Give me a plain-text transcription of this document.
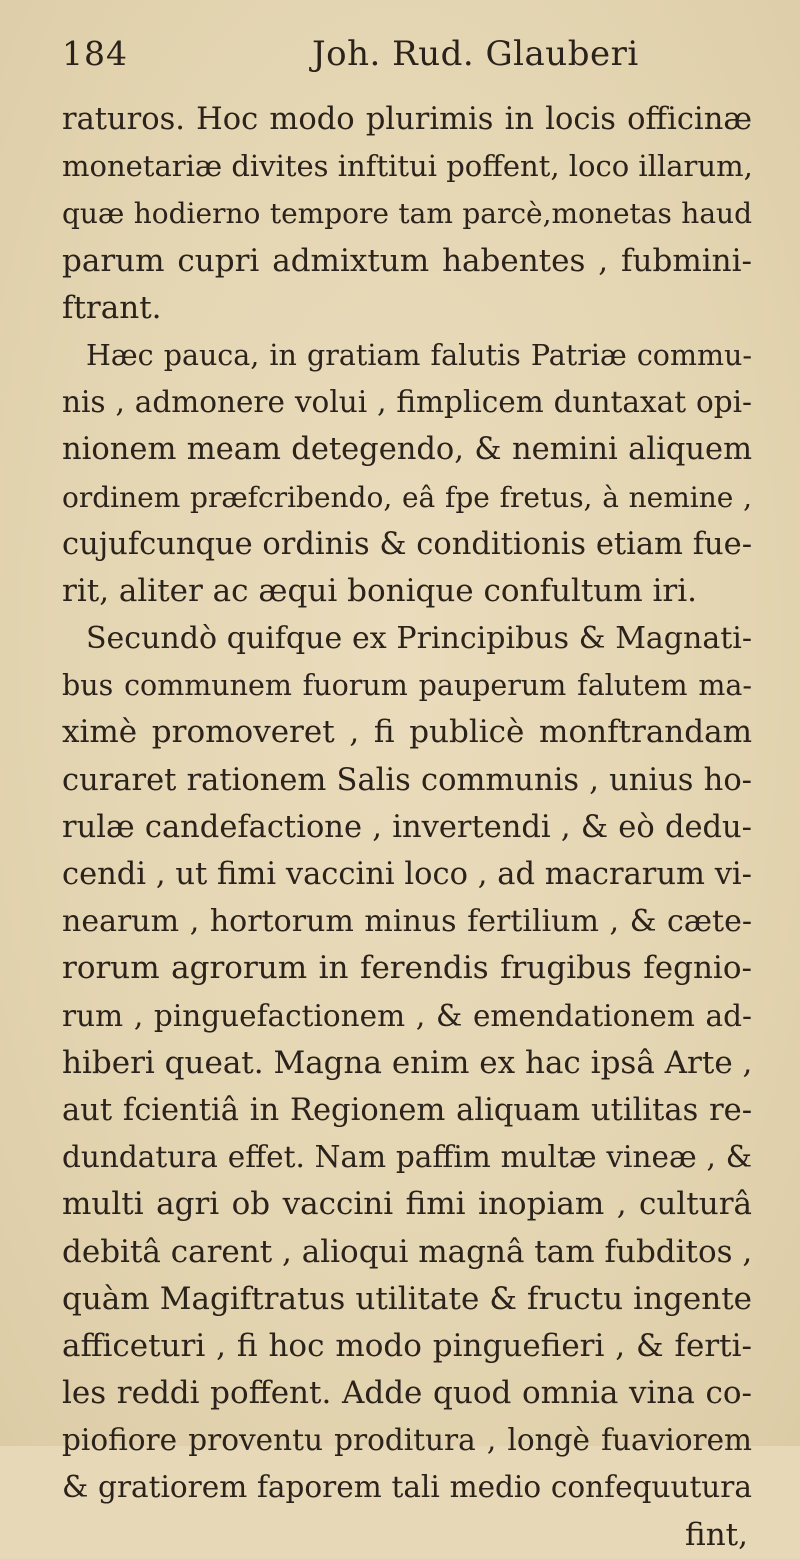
184	Joh. Rud. Glauberi
raturos. Hoc modo plurimis in locis officinæ
monetariæ divites inftitui poffent, loco illarum,
quæ hodierno tempore tam parcè,monetas haud
parum cupri admixtum habentes , fubmini-
ftrant.
Hæc pauca, in gratiam falutis Patriæ commu-
nis , admonere volui , fimplicem duntaxat opi-
nionem meam detegendo, & nemini aliquem
ordinem præfcribendo, eâ fpe fretus, à nemine ,
cujufcunque ordinis & conditionis etiam fue-
rit, aliter ac æqui bonique confultum iri.
Secundò quifque ex Principibus & Magnati-
bus communem fuorum pauperum falutem ma-
ximè promoveret , fi publicè monftrandam
curaret rationem Salis communis , unius ho-
rulæ candefactione , invertendi , & eò dedu-
cendi , ut fimi vaccini loco , ad macrarum vi-
nearum , hortorum minus fertilium , & cæte-
rorum agrorum in ferendis frugibus fegnio-
rum , pinguefactionem , & emendationem ad-
hiberi queat. Magna enim ex hac ipsâ Arte ,
aut fcientiâ in Regionem aliquam utilitas re-
dundatura effet. Nam paffim multæ vineæ , &
multi agri ob vaccini fimi inopiam , culturâ
debitâ carent , alioqui magnâ tam fubditos ,
quàm Magiftratus utilitate & fructu ingente
afficeturi , fi hoc modo pinguefieri , & ferti-
les reddi poffent. Adde quod omnia vina co-
piofiore proventu proditura , longè fuaviorem
& gratiorem faporem tali medio confequutura
fint,
